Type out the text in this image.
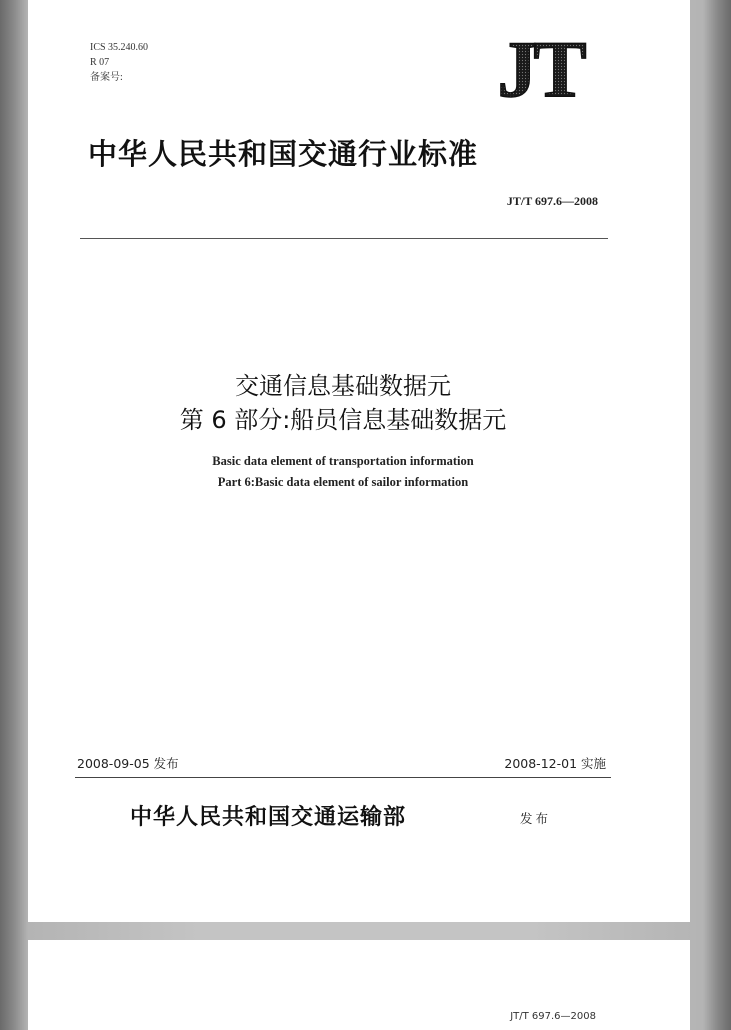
ICS 35.240.60
R 07
备案号:	JT
中华人民共和国交通行业标准
JT/T 697.6—2008
交通信息基础数据元
第 6 部分:船员信息基础数据元
Basic data element of transportation information
Part 6:Basic data element of sailor information
2008-09-05 发布	2008-12-01 实施
中华人民共和国交通运输部	发布
JT/T 697.6—2008
